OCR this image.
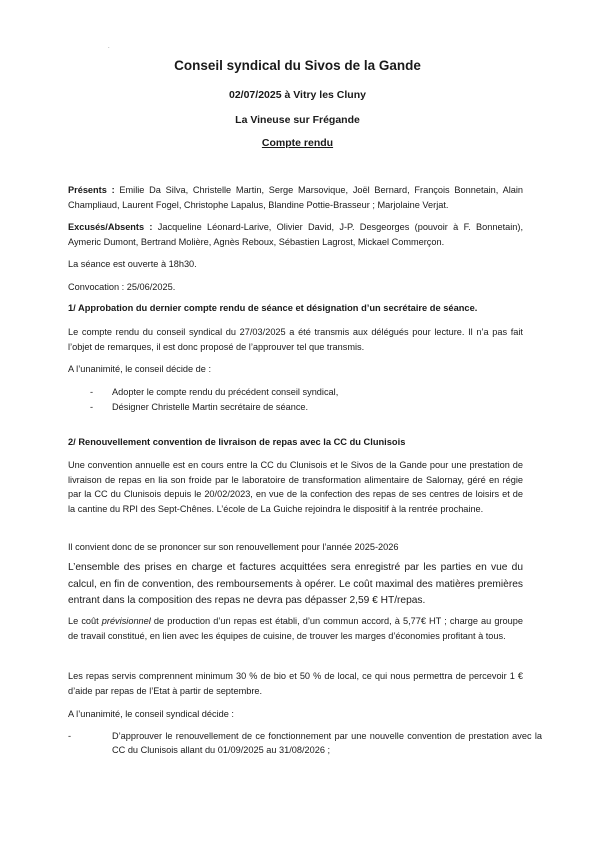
.
Conseil syndical du Sivos de la Gande
02/07/2025 à Vitry les Cluny
La Vineuse sur Frégande
Compte rendu

Présents : Emilie Da Silva, Christelle Martin, Serge Marsovique, Joël Bernard, François Bonnetain, Alain Champliaud, Laurent Fogel, Christophe Lapalus, Blandine Pottie-Brasseur ; Marjolaine Verjat.

Excusés/Absents : Jacqueline Léonard-Larive, Olivier David, J-P. Desgeorges (pouvoir à F. Bonnetain), Aymeric Dumont, Bertrand Molière, Agnès Reboux, Sébastien Lagrost, Mickael Commerçon.

La séance est ouverte à 18h30.

Convocation : 25/06/2025.

1/ Approbation du dernier compte rendu de séance et désignation d’un secrétaire de séance.

Le compte rendu du conseil syndical du 27/03/2025 a été transmis aux délégués pour lecture. Il n’a pas fait l’objet de remarques, il est donc proposé de l’approuver tel que transmis.

A l’unanimité, le conseil décide de :

- Adopter le compte rendu du précédent conseil syndical,

- Désigner Christelle Martin secrétaire de séance.

2/ Renouvellement convention de livraison de repas avec la CC du Clunisois

Une convention annuelle est en cours entre la CC du Clunisois et le Sivos de la Gande pour une prestation de livraison de repas en lia son froide par le laboratoire de transformation alimentaire de Salornay, géré en régie par la CC du Clunisois depuis le 20/02/2023, en vue de la confection des repas de ses centres de loisirs et de la cantine du RPI des Sept-Chênes. L’école de La Guiche rejoindra le dispositif à la rentrée prochaine.

Il convient donc de se prononcer sur son renouvellement pour l’année 2025-2026

L’ensemble des prises en charge et factures acquittées sera enregistré par les parties en vue du calcul, en fin de convention, des remboursements à opérer. Le coût maximal des matières premières entrant dans la composition des repas ne devra pas dépasser 2,59 € HT/repas.

Le coût prévisionnel de production d’un repas est établi, d’un commun accord, à 5,77€ HT ; charge au groupe de travail constitué, en lien avec les équipes de cuisine, de trouver les marges d’économies profitant à tous.

Les repas servis comprennent minimum 30 % de bio et 50 % de local, ce qui nous permettra de percevoir 1 € d’aide par repas de l’Etat à partir de septembre.

A l’unanimité, le conseil syndical décide :

-	D’approuver le renouvellement de ce fonctionnement par une nouvelle convention de prestation avec la CC du Clunisois allant du 01/09/2025 au 31/08/2026 ;
